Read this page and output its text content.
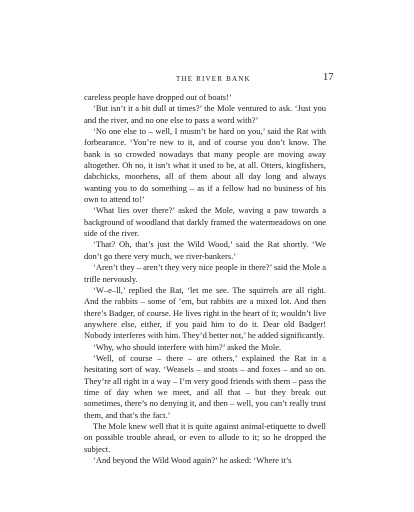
THE RIVER BANK	17

careless people have dropped out of boats!’

‘But isn’t it a bit dull at times?’ the Mole ventured to ask. ‘Just you and the river, and no one else to pass a word with?’

‘No one else to – well, I mustn’t be hard on you,’ said the Rat with forbearance. ‘You’re new to it, and of course you don’t know. The bank is so crowded nowadays that many people are moving away altogether. Oh no, it isn’t what it used to be, at all. Otters, kingfishers, dabchicks, moorhens, all of them about all day long and always wanting you to do something – as if a fellow had no business of his own to attend to!’

‘What lies over there?’ asked the Mole, waving a paw towards a background of woodland that darkly framed the watermeadows on one side of the river.

‘That? Oh, that’s just the Wild Wood,’ said the Rat shortly. ‘We don’t go there very much, we river-bankers.’

‘Aren’t they – aren’t they very nice people in there?’ said the Mole a trifle nervously.

‘W–e–ll,’ replied the Rat, ‘let me see. The squirrels are all right. And the rabbits – some of ’em, but rabbits are a mixed lot. And then there’s Badger, of course. He lives right in the heart of it; wouldn’t live anywhere else, either, if you paid him to do it. Dear old Badger! Nobody interferes with him. They’d better not,’ he added significantly.

‘Why, who should interfere with him?’ asked the Mole.

‘Well, of course – there – are others,’ explained the Rat in a hesitating sort of way. ‘Weasels – and stoats – and foxes – and so on. They’re all right in a way – I’m very good friends with them – pass the time of day when we meet, and all that – but they break out sometimes, there’s no denying it, and then – well, you can’t really trust them, and that’s the fact.’

The Mole knew well that it is quite against animal-etiquette to dwell on possible trouble ahead, or even to allude to it; so he dropped the subject.

‘And beyond the Wild Wood again?’ he asked: ‘Where it’s
